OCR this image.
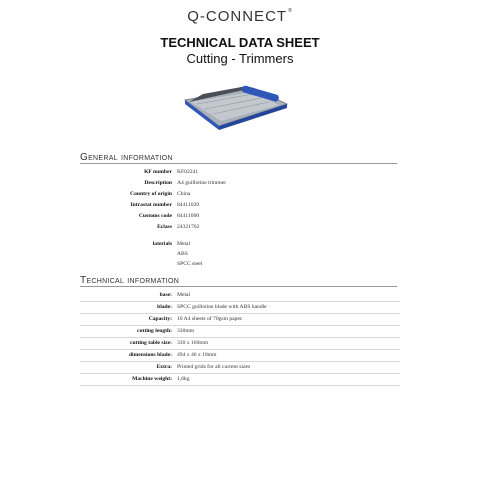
Q-CONNECT®
TECHNICAL DATA SHEET
Cutting - Trimmers
General information
KF number KF02241
Description A4 guillotine trimmer
Country of origin China
Intrastat number 84411020
Customs code 84411000
Eclass 24321702
laterials Metal
ABS
SPCC steel
Technical information
base: Metal
blade: SPCC guillotine blade with ABS handle
Capacity: 10 A4 sheets of 70gsm paper.
cutting length: 330mm
cutting table size: 330 x 160mm
dimensions blade: 494 x 46 x 18mm
Extra: Printed grids for all current sizes
Machine weight: 1,6kg
